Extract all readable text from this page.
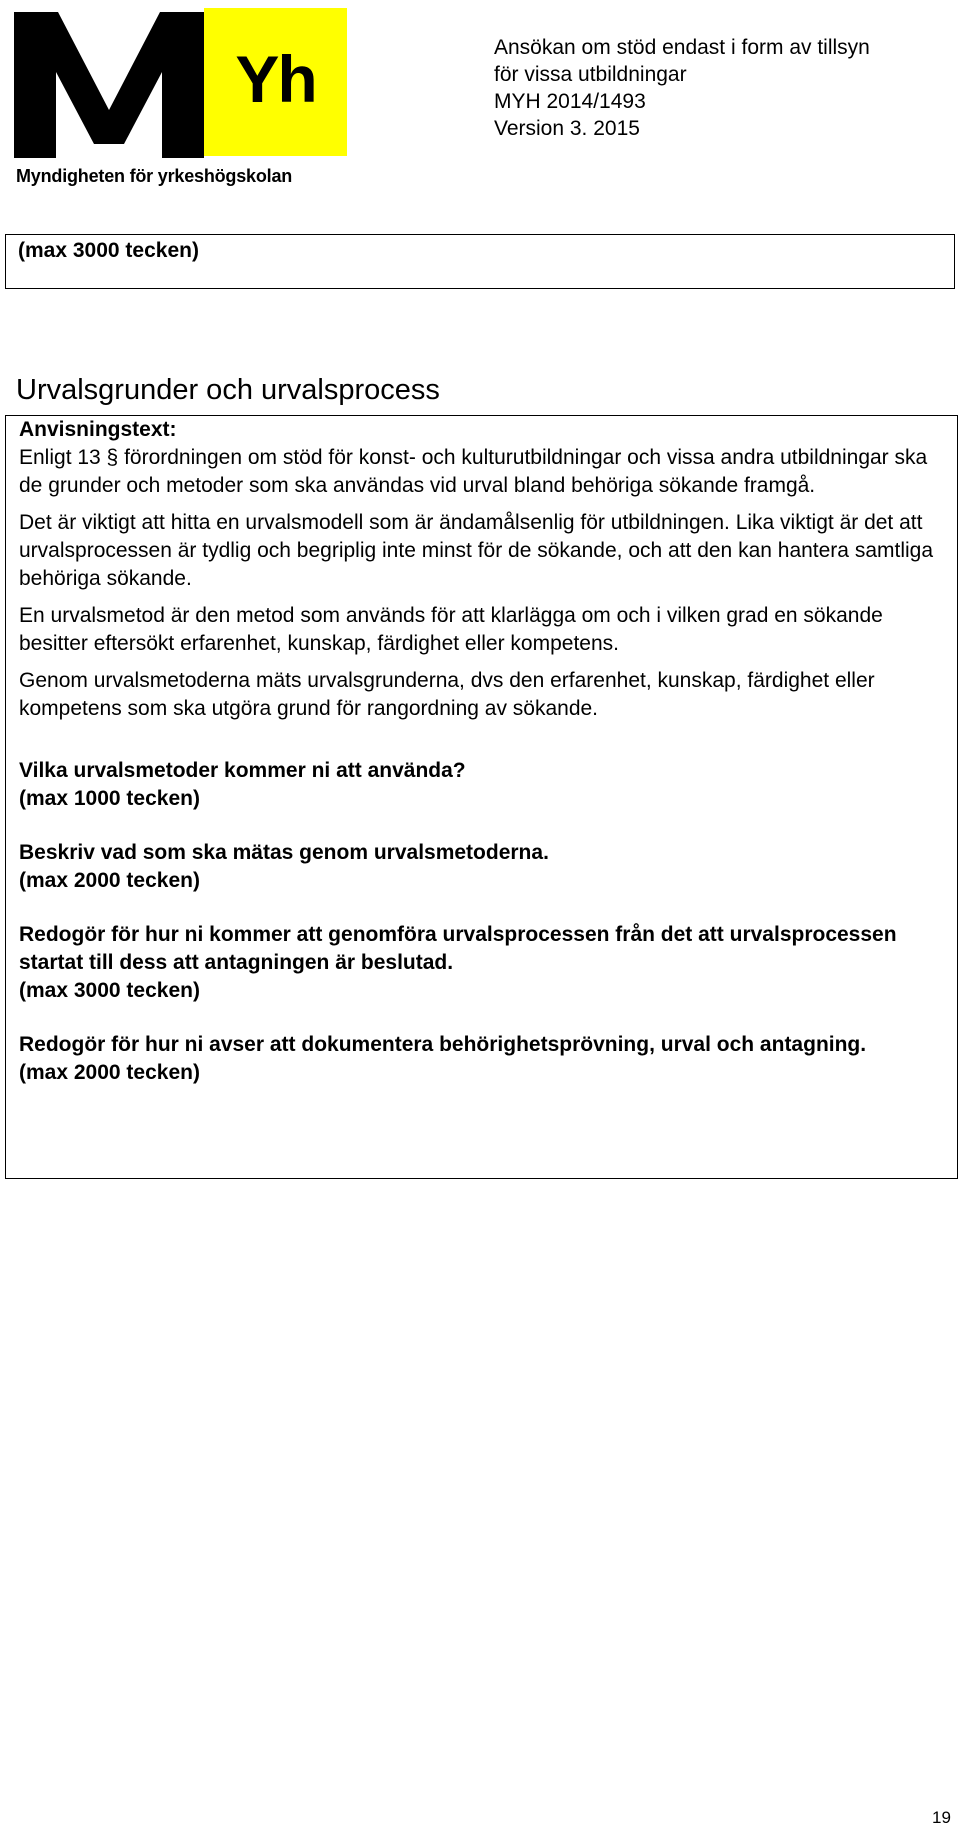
Yh
Myndigheten för yrkeshögskolan
Ansökan om stöd endast i form av tillsyn
för vissa utbildningar
MYH 2014/1493
Version 3. 2015
(max 3000 tecken)
Urvalsgrunder och urvalsprocess

Anvisningstext:

Enligt 13 § förordningen om stöd för konst- och kulturutbildningar och vissa andra utbildningar ska de grunder och metoder som ska användas vid urval bland behöriga sökande framgå.

Det är viktigt att hitta en urvalsmodell som är ändamålsenlig för utbildningen. Lika viktigt är det att urvalsprocessen är tydlig och begriplig inte minst för de sökande, och att den kan hantera samtliga behöriga sökande.

En urvalsmetod är den metod som används för att klarlägga om och i vilken grad en sökande besitter eftersökt erfarenhet, kunskap, färdighet eller kompetens.

Genom urvalsmetoderna mäts urvalsgrunderna, dvs den erfarenhet, kunskap, färdighet eller kompetens som ska utgöra grund för rangordning av sökande.

Vilka urvalsmetoder kommer ni att använda?

(max 1000 tecken)

Beskriv vad som ska mätas genom urvalsmetoderna.

(max 2000 tecken)

Redogör för hur ni kommer att genomföra urvalsprocessen från det att urvalsprocessen startat till dess att antagningen är beslutad.

(max 3000 tecken)

Redogör för hur ni avser att dokumentera behörighetsprövning, urval och antagning.

(max 2000 tecken)

19
